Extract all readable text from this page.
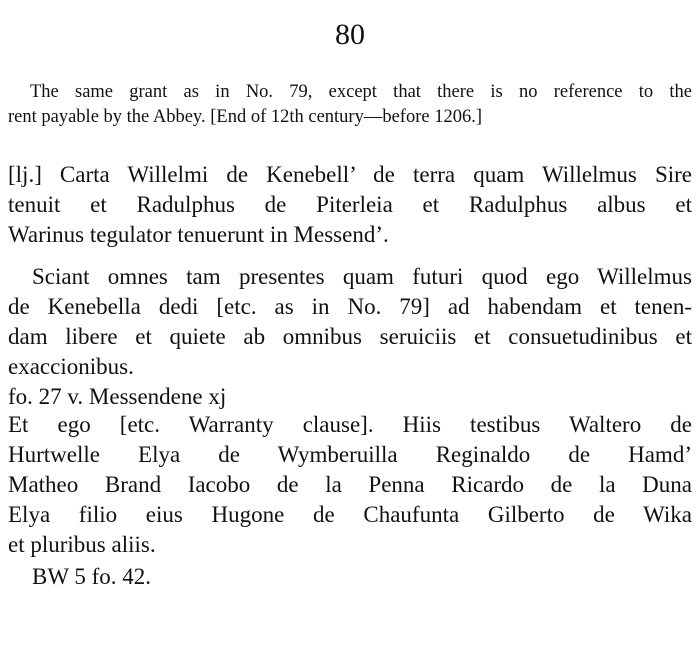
80

The same grant as in No. 79, except that there is no reference to the
rent payable by the Abbey. [End of 12th century—before 1206.]

[lj.] Carta Willelmi de Kenebell’ de terra quam Willelmus Sire
tenuit et Radulphus de Piterleia et Radulphus albus et
Warinus tegulator tenuerunt in Messend’.

Sciant omnes tam presentes quam futuri quod ego Willelmus
de Kenebella dedi [etc. as in No. 79] ad habendam et tenen-
dam libere et quiete ab omnibus seruiciis et consuetudinibus et
exaccionibus.

fo. 27 v. Messendene xj

Et ego [etc. Warranty clause]. Hiis testibus Waltero de
Hurtwelle Elya de Wymberuilla Reginaldo de Hamd’
Matheo Brand Iacobo de la Penna Ricardo de la Duna
Elya filio eius Hugone de Chaufunta Gilberto de Wika
et pluribus aliis.

BW 5 fo. 42.
